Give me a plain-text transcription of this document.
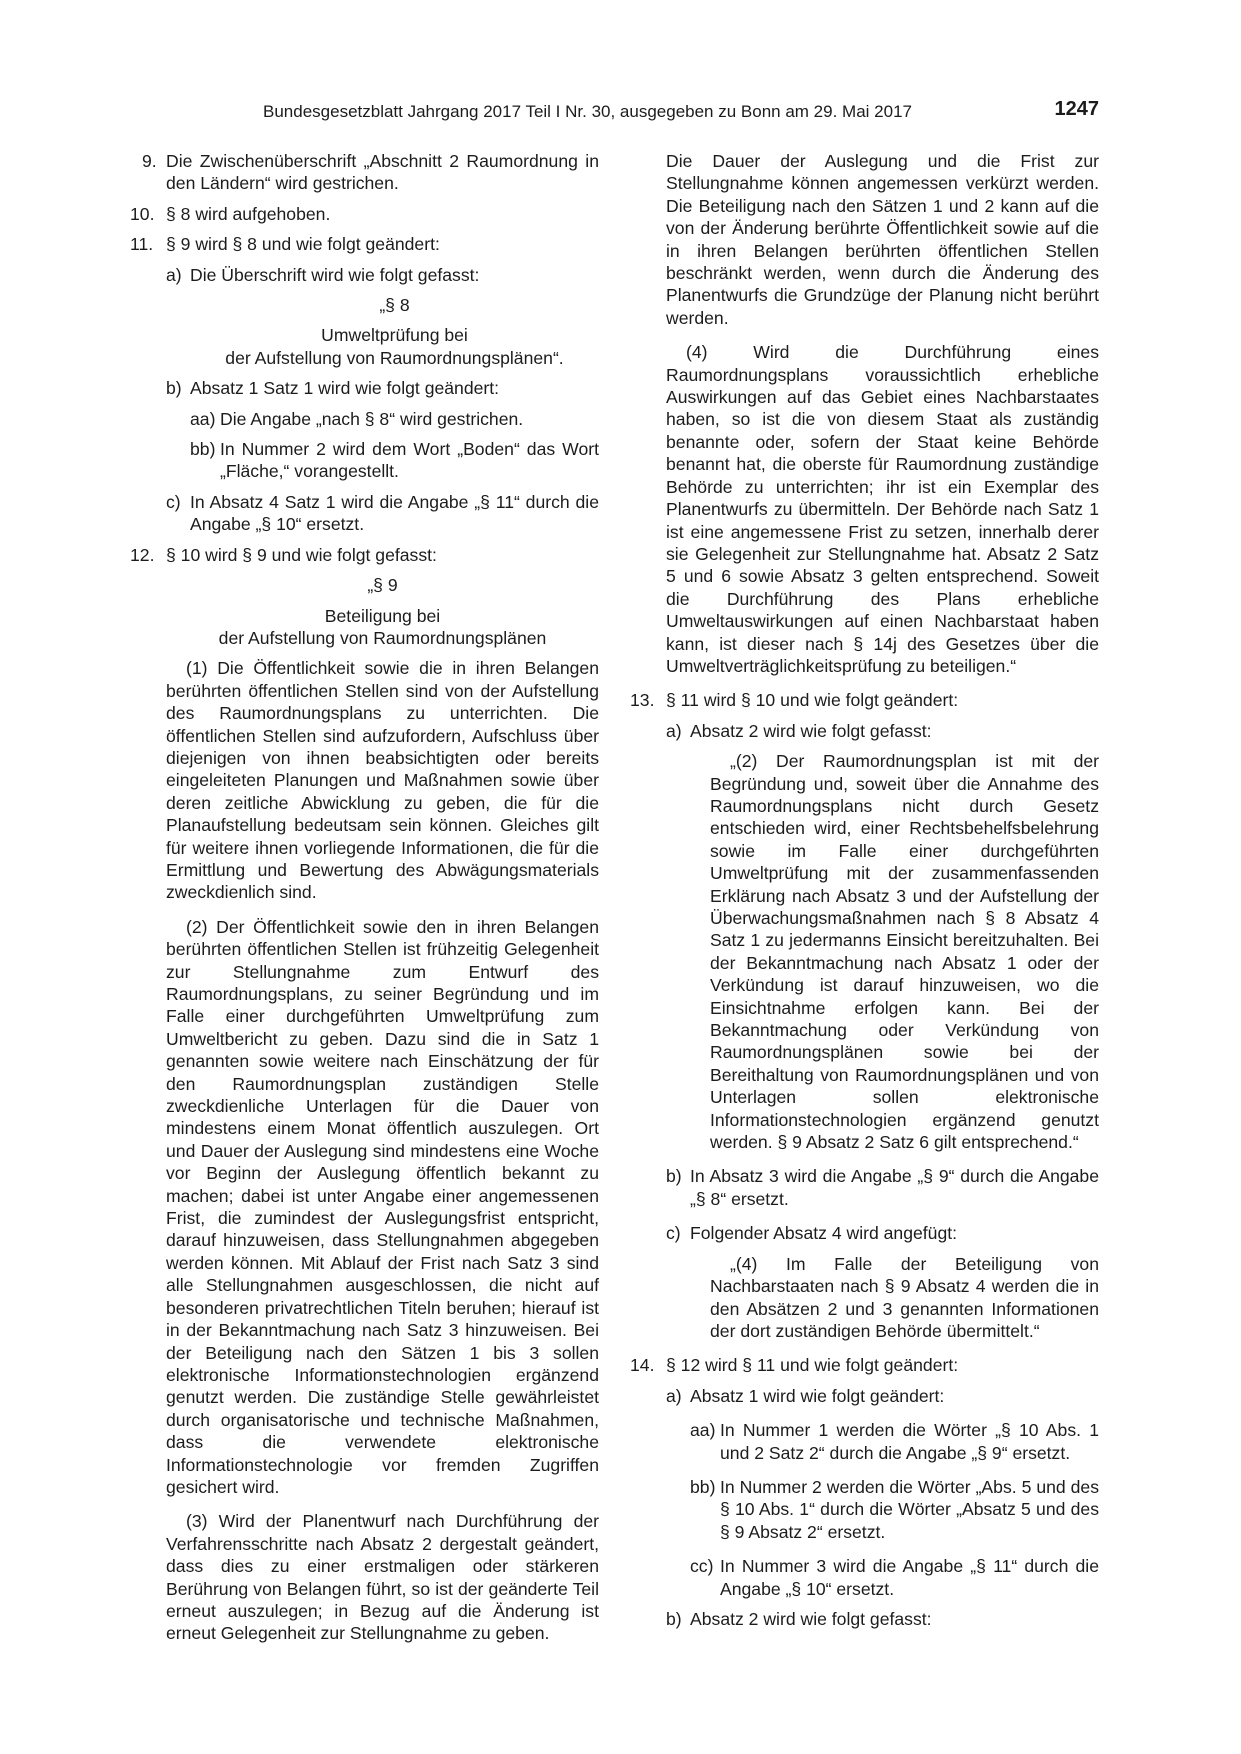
Bundesgesetzblatt Jahrgang 2017 Teil I Nr. 30, ausgegeben zu Bonn am 29. Mai 2017	1247
9. Die Zwischenüberschrift „Abschnitt 2 Raumordnung in den Ländern“ wird gestrichen.

10. § 8 wird aufgehoben.

11. § 9 wird § 8 und wie folgt geändert:

a) Die Überschrift wird wie folgt gefasst:

„§ 8

Umweltprüfung bei

der Aufstellung von Raumordnungsplänen“.

b) Absatz 1 Satz 1 wird wie folgt geändert:

aa) Die Angabe „nach § 8“ wird gestrichen.

bb) In Nummer 2 wird dem Wort „Boden“ das Wort „Fläche,“ vorangestellt.

c) In Absatz 4 Satz 1 wird die Angabe „§ 11“ durch die Angabe „§ 10“ ersetzt.

12. § 10 wird § 9 und wie folgt gefasst:

„§ 9

Beteiligung bei

der Aufstellung von Raumordnungsplänen

(1) Die Öffentlichkeit sowie die in ihren Belangen berührten öffentlichen Stellen sind von der Aufstellung des Raumordnungsplans zu unterrichten. Die öffentlichen Stellen sind aufzufordern, Aufschluss über diejenigen von ihnen beabsichtigten oder bereits eingeleiteten Planungen und Maßnahmen sowie über deren zeitliche Abwicklung zu geben, die für die Planaufstellung bedeutsam sein können. Gleiches gilt für weitere ihnen vorliegende Informationen, die für die Ermittlung und Bewertung des Abwägungsmaterials zweckdienlich sind.

(2) Der Öffentlichkeit sowie den in ihren Belangen berührten öffentlichen Stellen ist frühzeitig Gelegenheit zur Stellungnahme zum Entwurf des Raumordnungsplans, zu seiner Begründung und im Falle einer durchgeführten Umweltprüfung zum Umweltbericht zu geben. Dazu sind die in Satz 1 genannten sowie weitere nach Einschätzung der für den Raumordnungsplan zuständigen Stelle zweckdienliche Unterlagen für die Dauer von mindestens einem Monat öffentlich auszulegen. Ort und Dauer der Auslegung sind mindestens eine Woche vor Beginn der Auslegung öffentlich bekannt zu machen; dabei ist unter Angabe einer angemessenen Frist, die zumindest der Auslegungsfrist entspricht, darauf hinzuweisen, dass Stellungnahmen abgegeben werden können. Mit Ablauf der Frist nach Satz 3 sind alle Stellungnahmen ausgeschlossen, die nicht auf besonderen privatrechtlichen Titeln beruhen; hierauf ist in der Bekanntmachung nach Satz 3 hinzuweisen. Bei der Beteiligung nach den Sätzen 1 bis 3 sollen elektronische Informationstechnologien ergänzend genutzt werden. Die zuständige Stelle gewährleistet durch organisatorische und technische Maßnahmen, dass die verwendete elektronische Informationstechnologie vor fremden Zugriffen gesichert wird.

(3) Wird der Planentwurf nach Durchführung der Verfahrensschritte nach Absatz 2 dergestalt geändert, dass dies zu einer erstmaligen oder stärkeren Berührung von Belangen führt, so ist der geänderte Teil erneut auszulegen; in Bezug auf die Änderung ist erneut Gelegenheit zur Stellungnahme zu geben.

Die Dauer der Auslegung und die Frist zur Stellungnahme können angemessen verkürzt werden. Die Beteiligung nach den Sätzen 1 und 2 kann auf die von der Änderung berührte Öffentlichkeit sowie auf die in ihren Belangen berührten öffentlichen Stellen beschränkt werden, wenn durch die Änderung des Planentwurfs die Grundzüge der Planung nicht berührt werden.

(4) Wird die Durchführung eines Raumordnungsplans voraussichtlich erhebliche Auswirkungen auf das Gebiet eines Nachbarstaates haben, so ist die von diesem Staat als zuständig benannte oder, sofern der Staat keine Behörde benannt hat, die oberste für Raumordnung zuständige Behörde zu unterrichten; ihr ist ein Exemplar des Planentwurfs zu übermitteln. Der Behörde nach Satz 1 ist eine angemessene Frist zu setzen, innerhalb derer sie Gelegenheit zur Stellungnahme hat. Absatz 2 Satz 5 und 6 sowie Absatz 3 gelten entsprechend. Soweit die Durchführung des Plans erhebliche Umweltauswirkungen auf einen Nachbarstaat haben kann, ist dieser nach § 14j des Gesetzes über die Umweltverträglichkeitsprüfung zu beteiligen.“

13. § 11 wird § 10 und wie folgt geändert:

a) Absatz 2 wird wie folgt gefasst:

„(2) Der Raumordnungsplan ist mit der Begründung und, soweit über die Annahme des Raumordnungsplans nicht durch Gesetz entschieden wird, einer Rechtsbehelfsbelehrung sowie im Falle einer durchgeführten Umweltprüfung mit der zusammenfassenden Erklärung nach Absatz 3 und der Aufstellung der Überwachungsmaßnahmen nach § 8 Absatz 4 Satz 1 zu jedermanns Einsicht bereitzuhalten. Bei der Bekanntmachung nach Absatz 1 oder der Verkündung ist darauf hinzuweisen, wo die Einsichtnahme erfolgen kann. Bei der Bekanntmachung oder Verkündung von Raumordnungsplänen sowie bei der Bereithaltung von Raumordnungsplänen und von Unterlagen sollen elektronische Informationstechnologien ergänzend genutzt werden. § 9 Absatz 2 Satz 6 gilt entsprechend.“

b) In Absatz 3 wird die Angabe „§ 9“ durch die Angabe „§ 8“ ersetzt.

c) Folgender Absatz 4 wird angefügt:

„(4) Im Falle der Beteiligung von Nachbarstaaten nach § 9 Absatz 4 werden die in den Absätzen 2 und 3 genannten Informationen der dort zuständigen Behörde übermittelt.“

14. § 12 wird § 11 und wie folgt geändert:

a) Absatz 1 wird wie folgt geändert:

aa) In Nummer 1 werden die Wörter „§ 10 Abs. 1 und 2 Satz 2“ durch die Angabe „§ 9“ ersetzt.

bb) In Nummer 2 werden die Wörter „Abs. 5 und des § 10 Abs. 1“ durch die Wörter „Absatz 5 und des § 9 Absatz 2“ ersetzt.

cc) In Nummer 3 wird die Angabe „§ 11“ durch die Angabe „§ 10“ ersetzt.

b) Absatz 2 wird wie folgt gefasst:
